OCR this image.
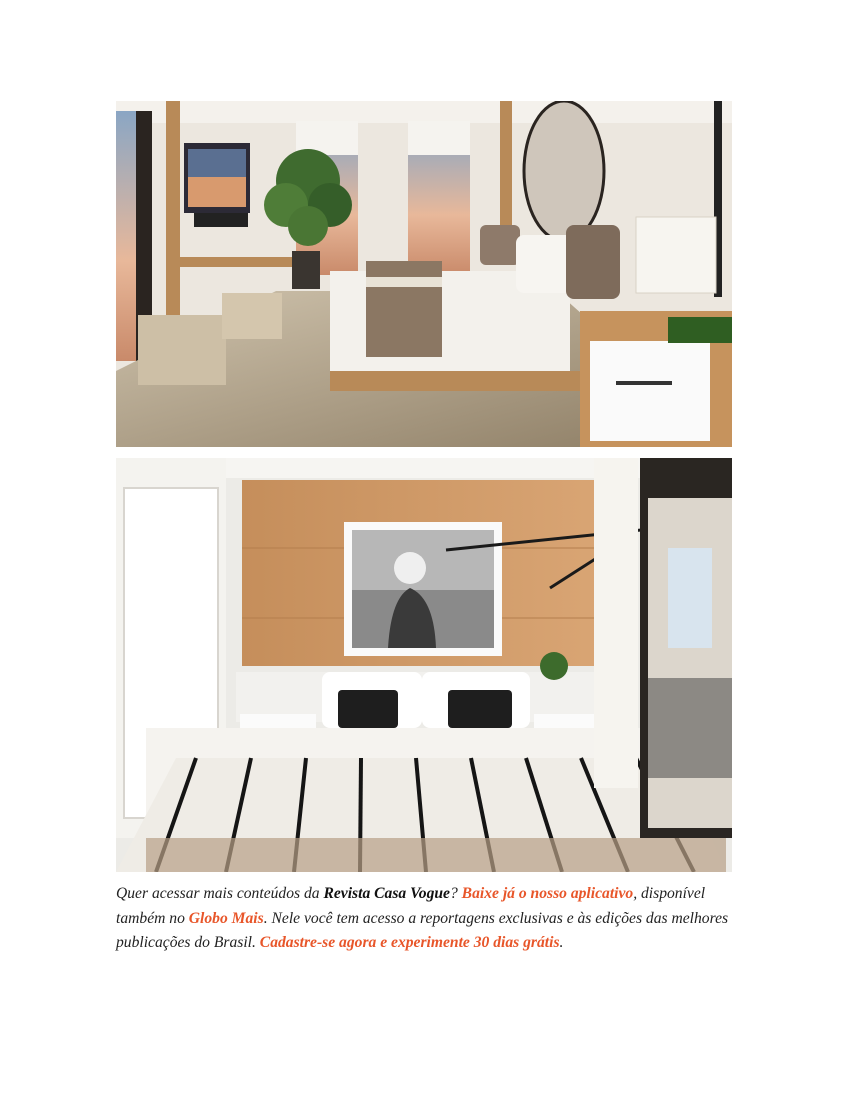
Quer acessar mais conteúdos da Revista Casa Vogue? Baixe já o nosso aplicativo, disponível também no Globo Mais. Nele você tem acesso a reportagens exclusivas e às edições das melhores publicações do Brasil. Cadastre-se agora e experimente 30 dias grátis.
